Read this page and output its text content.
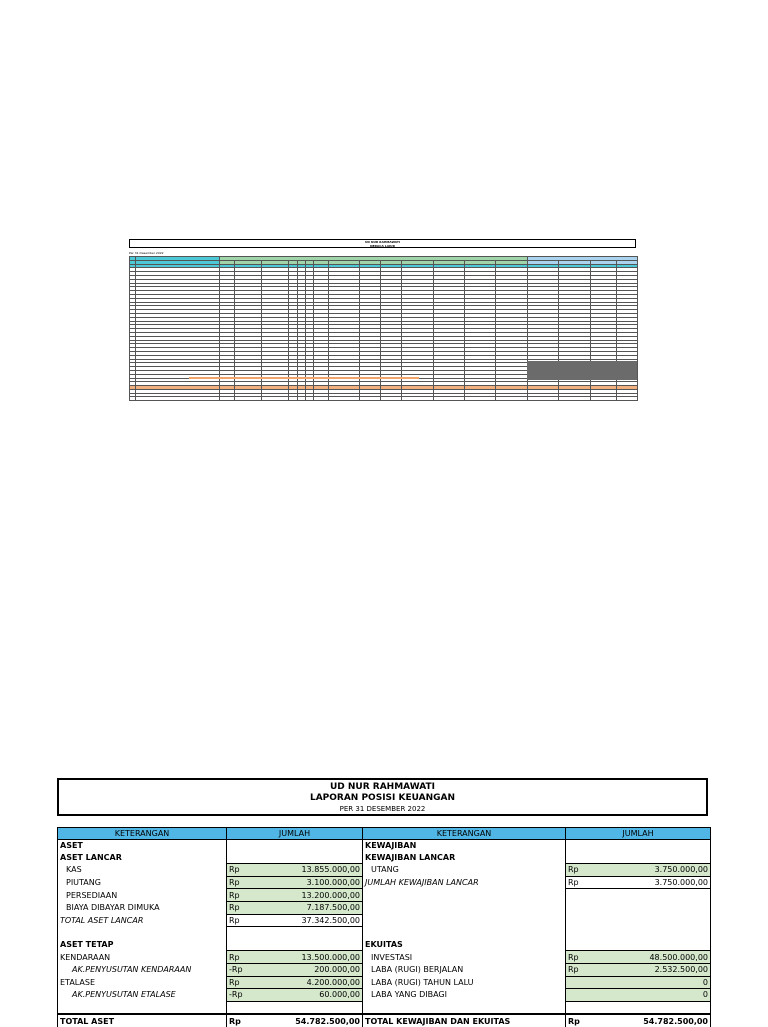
UD NUR RAHMAWATI
NERACA LAJUR
Per 31 Desember 2022

UD NUR RAHMAWATI
LAPORAN POSISI KEUANGAN
PER 31 DESEMBER 2022
KETERANGAN	JUMLAH	KETERANGAN	JUMLAH
ASET		KEWAJIBAN	
ASET LANCAR		KEWAJIBAN LANCAR	
KAS	Rp 13.855.000,00	UTANG	Rp 3.750.000,00

PIUTANG	Rp 3.100.000,00	JUMLAH KEWAJIBAN LANCAR	Rp 3.750.000,00

PERSEDIAAN	Rp 13.200.000,00		

BIAYA DIBAYAR DIMUKA	Rp 7.187.500,00		

TOTAL ASET LANCAR	Rp 37.342.500,00		

ASET TETAP		EKUITAS	
KENDARAAN	Rp 13.500.000,00	INVESTASI	Rp 48.500.000,00

AK.PENYUSUTAN KENDARAAN	-Rp 200.000,00	LABA (RUGI) BERJALAN	Rp 2.532.500,00

ETALASE	Rp 4.200.000,00	LABA (RUGI) TAHUN LALU	0
AK.PENYUSUTAN ETALASE	-Rp 60.000,00	LABA YANG DIBAGI	0

TOTAL ASET	Rp 54.782.500,00	TOTAL KEWAJIBAN DAN EKUITAS	Rp 54.782.500,00
